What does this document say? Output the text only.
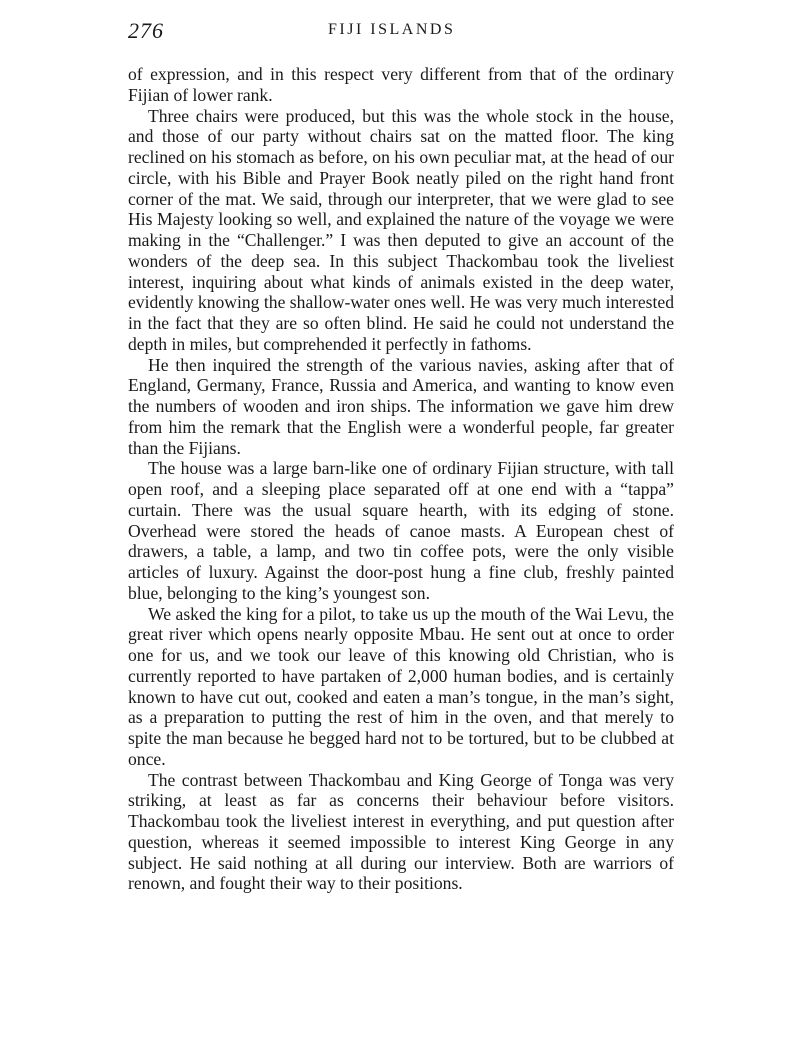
276	FIJI ISLANDS

of expression, and in this respect very different from that of the ordinary Fijian of lower rank.

Three chairs were produced, but this was the whole stock in the house, and those of our party without chairs sat on the matted floor. The king reclined on his stomach as before, on his own peculiar mat, at the head of our circle, with his Bible and Prayer Book neatly piled on the right hand front corner of the mat. We said, through our interpreter, that we were glad to see His Majesty looking so well, and explained the nature of the voyage we were making in the “Challenger.” I was then deputed to give an account of the wonders of the deep sea. In this subject Thackombau took the liveliest interest, inquiring about what kinds of animals existed in the deep water, evidently knowing the shallow-water ones well. He was very much interested in the fact that they are so often blind. He said he could not understand the depth in miles, but comprehended it perfectly in fathoms.

He then inquired the strength of the various navies, asking after that of England, Germany, France, Russia and America, and wanting to know even the numbers of wooden and iron ships. The information we gave him drew from him the remark that the English were a wonderful people, far greater than the Fijians.

The house was a large barn-like one of ordinary Fijian structure, with tall open roof, and a sleeping place separated off at one end with a “tappa” curtain. There was the usual square hearth, with its edging of stone. Overhead were stored the heads of canoe masts. A European chest of drawers, a table, a lamp, and two tin coffee pots, were the only visible articles of luxury. Against the door-post hung a fine club, freshly painted blue, belonging to the king’s youngest son.

We asked the king for a pilot, to take us up the mouth of the Wai Levu, the great river which opens nearly opposite Mbau. He sent out at once to order one for us, and we took our leave of this knowing old Christian, who is currently reported to have partaken of 2,000 human bodies, and is certainly known to have cut out, cooked and eaten a man’s tongue, in the man’s sight, as a preparation to putting the rest of him in the oven, and that merely to spite the man because he begged hard not to be tortured, but to be clubbed at once.

The contrast between Thackombau and King George of Tonga was very striking, at least as far as concerns their behaviour before visitors. Thackombau took the liveliest interest in everything, and put question after question, whereas it seemed impossible to interest King George in any subject. He said nothing at all during our interview. Both are warriors of renown, and fought their way to their positions.
